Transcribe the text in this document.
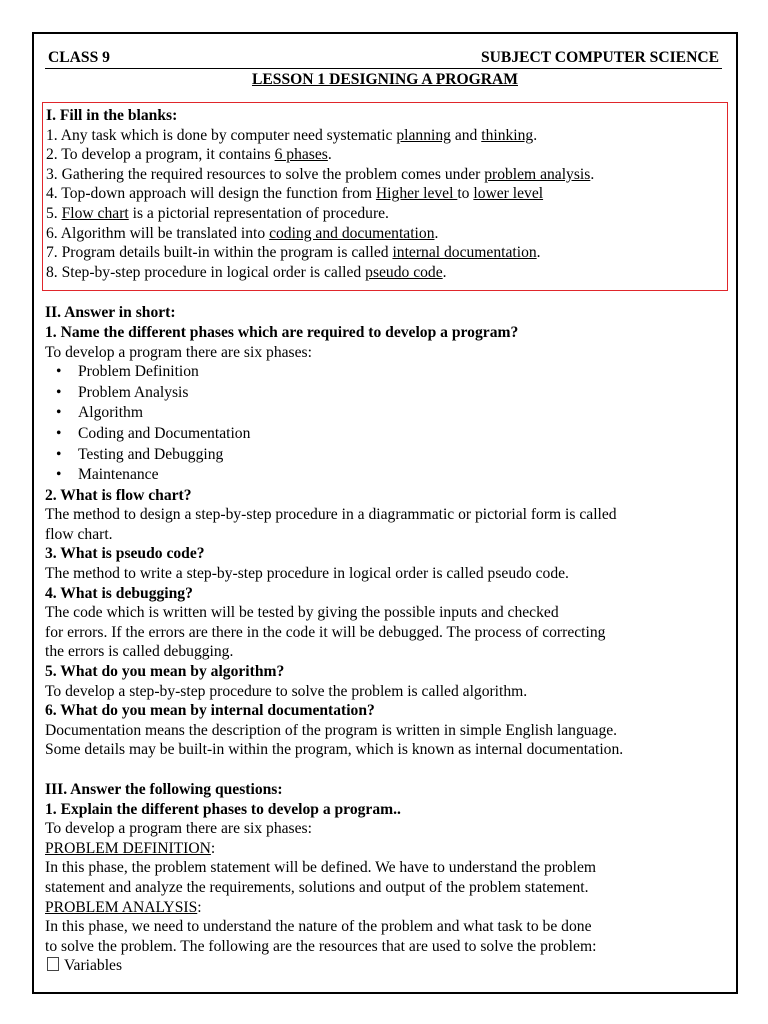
CLASS 9	SUBJECT COMPUTER SCIENCE
LESSON 1 DESIGNING A PROGRAM
I. Fill in the blanks:
1. Any task which is done by computer need systematic planning and thinking.
2. To develop a program, it contains 6 phases.
3. Gathering the required resources to solve the problem comes under problem analysis.
4. Top-down approach will design the function from Higher level to lower level
5. Flow chart is a pictorial representation of procedure.
6. Algorithm will be translated into coding and documentation.
7. Program details built-in within the program is called internal documentation.
8. Step-by-step procedure in logical order is called pseudo code.
II. Answer in short:
1. Name the different phases which are required to develop a program?
To develop a program there are six phases:
• Problem Definition
• Problem Analysis
• Algorithm
• Coding and Documentation
• Testing and Debugging
• Maintenance
2. What is flow chart?
The method to design a step-by-step procedure in a diagrammatic or pictorial form is called
flow chart.
3. What is pseudo code?
The method to write a step-by-step procedure in logical order is called pseudo code.
4. What is debugging?
The code which is written will be tested by giving the possible inputs and checked
for errors. If the errors are there in the code it will be debugged. The process of correcting
the errors is called debugging.
5. What do you mean by algorithm?
To develop a step-by-step procedure to solve the problem is called algorithm.
6. What do you mean by internal documentation?
Documentation means the description of the program is written in simple English language.
Some details may be built-in within the program, which is known as internal documentation.
III. Answer the following questions:
1. Explain the different phases to develop a program..
To develop a program there are six phases:
PROBLEM DEFINITION:
In this phase, the problem statement will be defined. We have to understand the problem
statement and analyze the requirements, solutions and output of the problem statement.
PROBLEM ANALYSIS:
In this phase, we need to understand the nature of the problem and what task to be done
to solve the problem. The following are the resources that are used to solve the problem:
Variables
